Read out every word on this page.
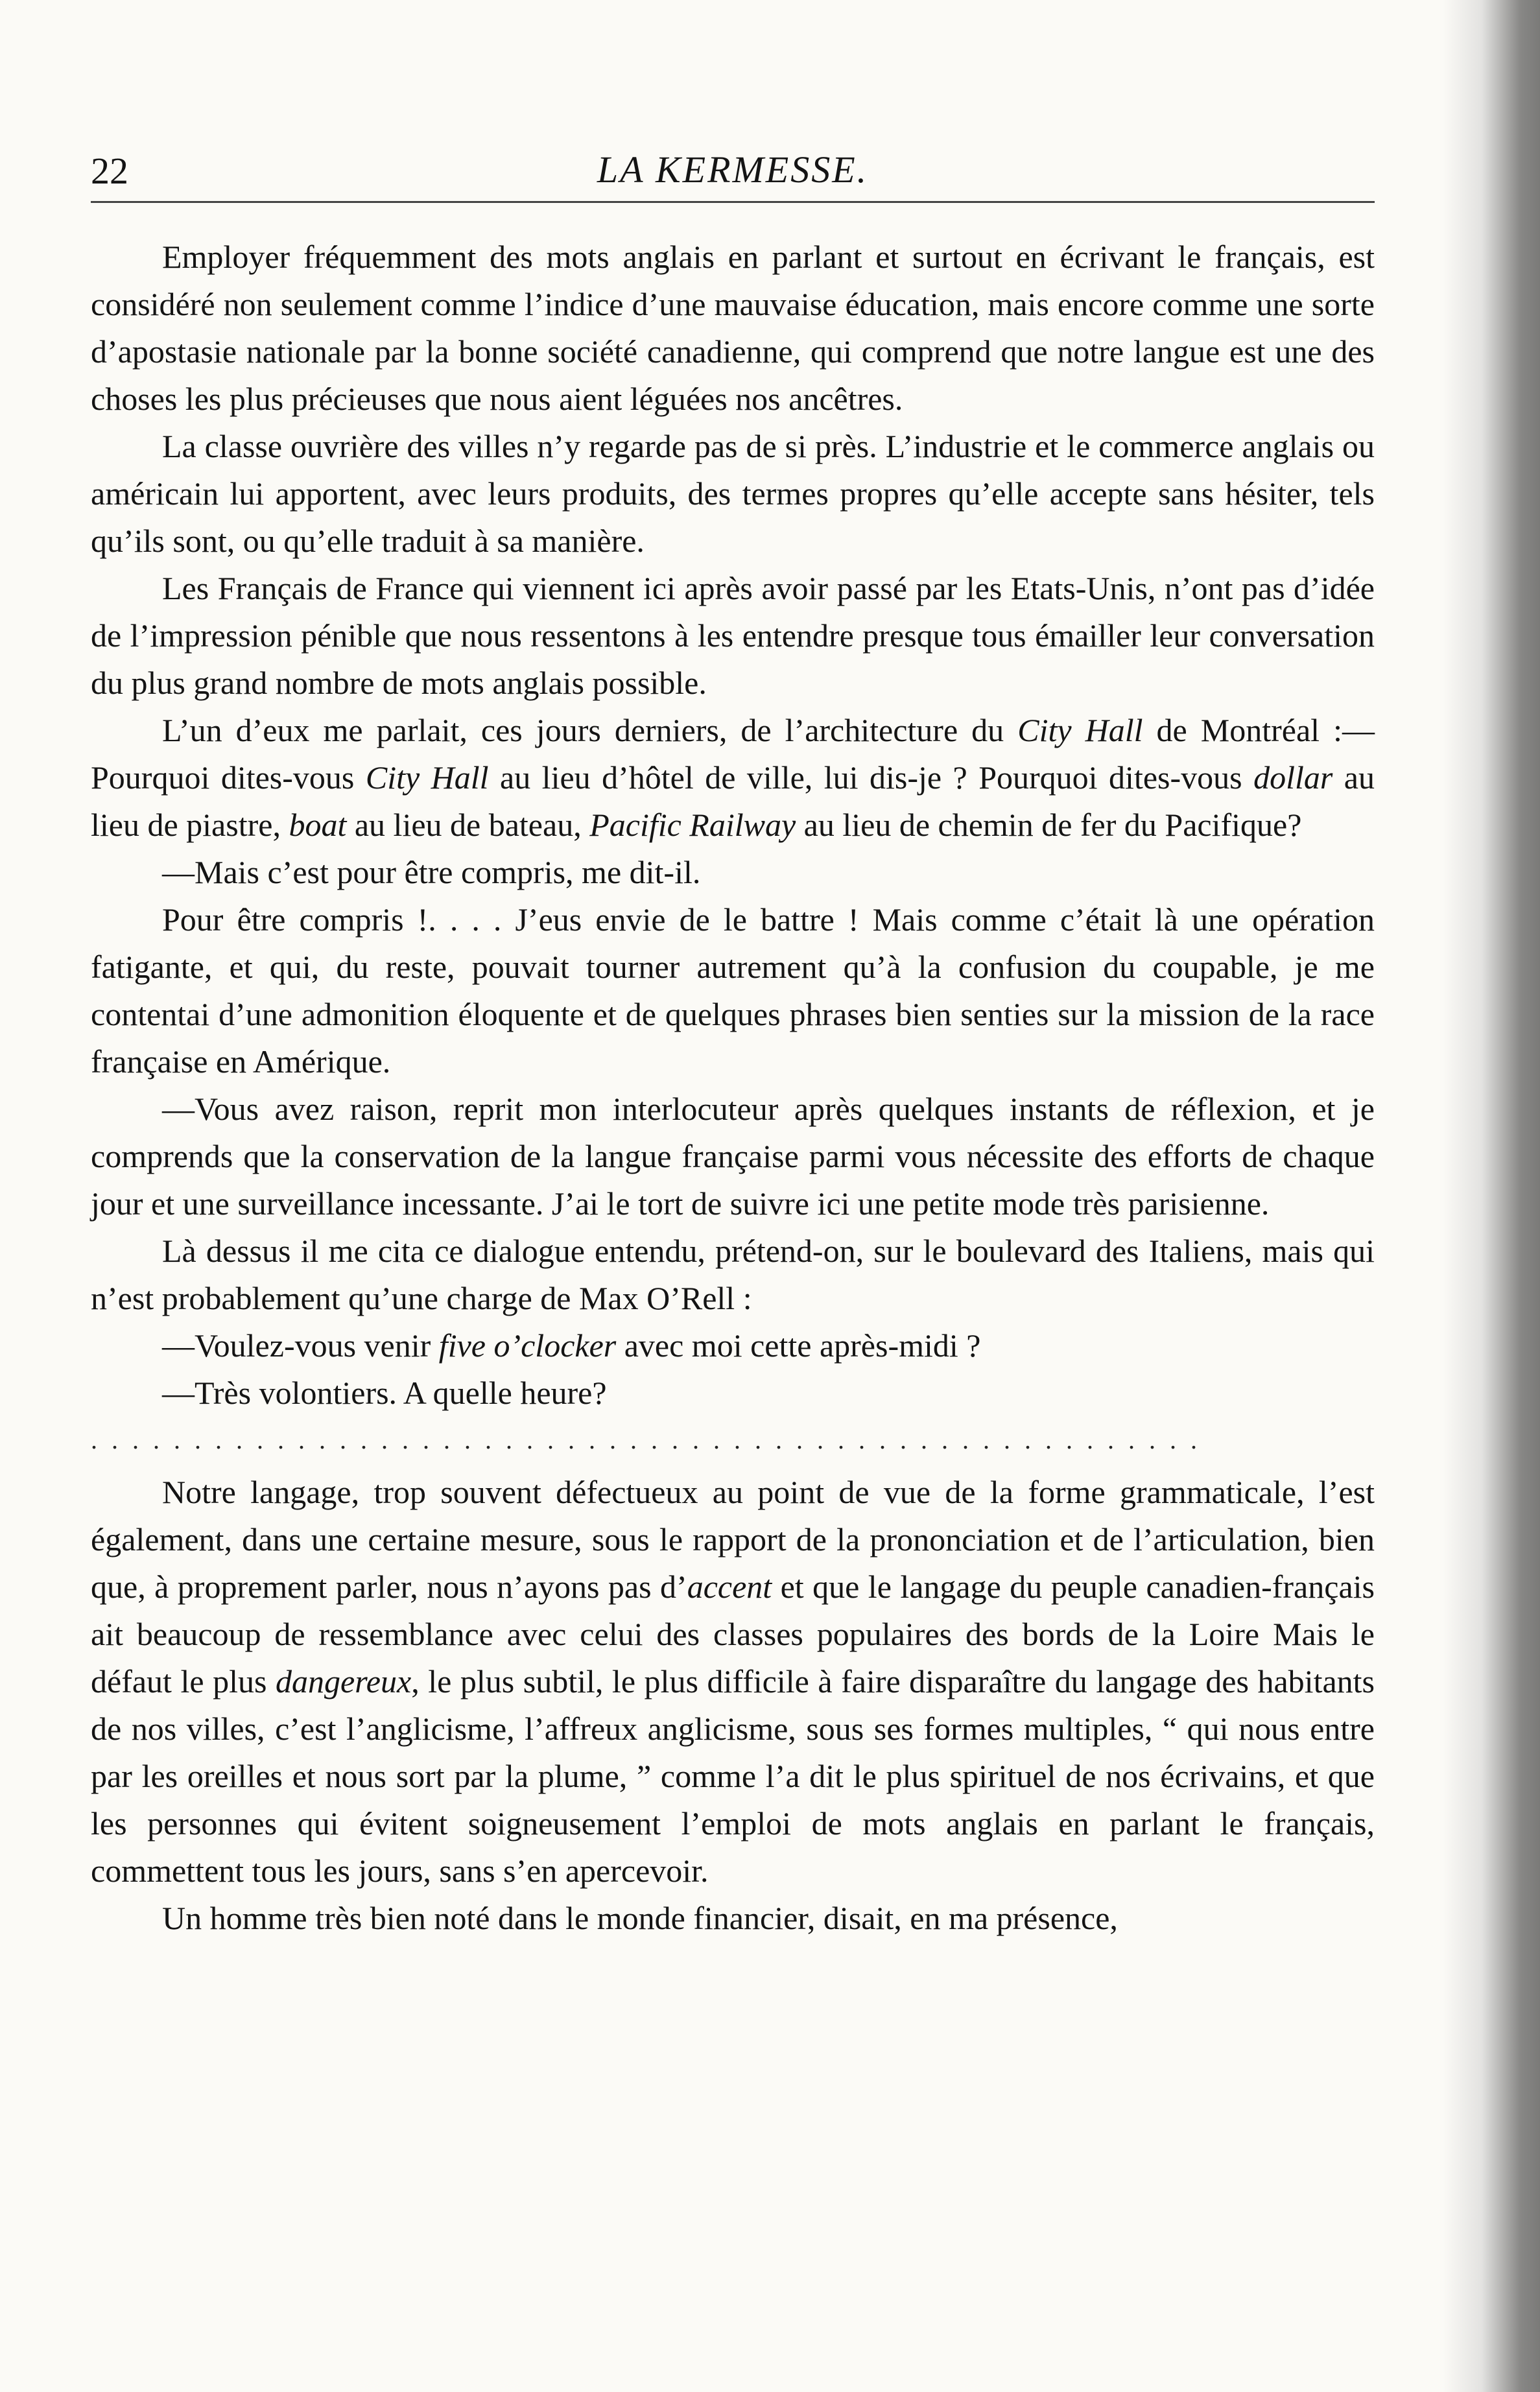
22	LA KERMESSE.

Employer fréquemment des mots anglais en parlant et surtout en écrivant le français, est considéré non seulement comme l’indice d’une mauvaise éducation, mais encore comme une sorte d’apostasie nationale par la bonne société canadienne, qui comprend que notre langue est une des choses les plus précieuses que nous aient léguées nos ancêtres.

La classe ouvrière des villes n’y regarde pas de si près. L’industrie et le commerce anglais ou américain lui apportent, avec leurs produits, des termes propres qu’elle accepte sans hésiter, tels qu’ils sont, ou qu’elle traduit à sa manière.

Les Français de France qui viennent ici après avoir passé par les Etats-Unis, n’ont pas d’idée de l’impression pénible que nous ressentons à les entendre presque tous émailler leur conversation du plus grand nombre de mots anglais possible.

L’un d’eux me parlait, ces jours derniers, de l’architecture du City Hall de Montréal :—Pourquoi dites-vous City Hall au lieu d’hôtel de ville, lui dis-je ? Pourquoi dites-vous dollar au lieu de piastre, boat au lieu de bateau, Pacific Railway au lieu de chemin de fer du Pacifique?

—Mais c’est pour être compris, me dit-il.

Pour être compris !. . . . J’eus envie de le battre ! Mais comme c’était là une opération fatigante, et qui, du reste, pouvait tourner autrement qu’à la confusion du coupable, je me contentai d’une admonition éloquente et de quelques phrases bien senties sur la mission de la race française en Amérique.

—Vous avez raison, reprit mon interlocuteur après quelques instants de réflexion, et je comprends que la conservation de la langue française parmi vous nécessite des efforts de chaque jour et une surveillance incessante. J’ai le tort de suivre ici une petite mode très parisienne.

Là dessus il me cita ce dialogue entendu, prétend-on, sur le boulevard des Italiens, mais qui n’est probablement qu’une charge de Max O’Rell :

—Voulez-vous venir five o’clocker avec moi cette après-midi ?

—Très volontiers. A quelle heure?

. . . . . . . . . . . . . . . . . . . . . . . . . . . . . . . . . . . . . . . . . . . . . . . . . . . . . .

Notre langage, trop souvent défectueux au point de vue de la forme grammaticale, l’est également, dans une certaine mesure, sous le rapport de la prononciation et de l’articulation, bien que, à proprement parler, nous n’ayons pas d’accent et que le langage du peuple canadien-français ait beaucoup de ressemblance avec celui des classes populaires des bords de la Loire Mais le défaut le plus dangereux, le plus subtil, le plus difficile à faire disparaître du langage des habitants de nos villes, c’est l’anglicisme, l’affreux anglicisme, sous ses formes multiples, “ qui nous entre par les oreilles et nous sort par la plume, ” comme l’a dit le plus spirituel de nos écrivains, et que les personnes qui évitent soigneusement l’emploi de mots anglais en parlant le français, commettent tous les jours, sans s’en apercevoir.

Un homme très bien noté dans le monde financier, disait, en ma présence,
